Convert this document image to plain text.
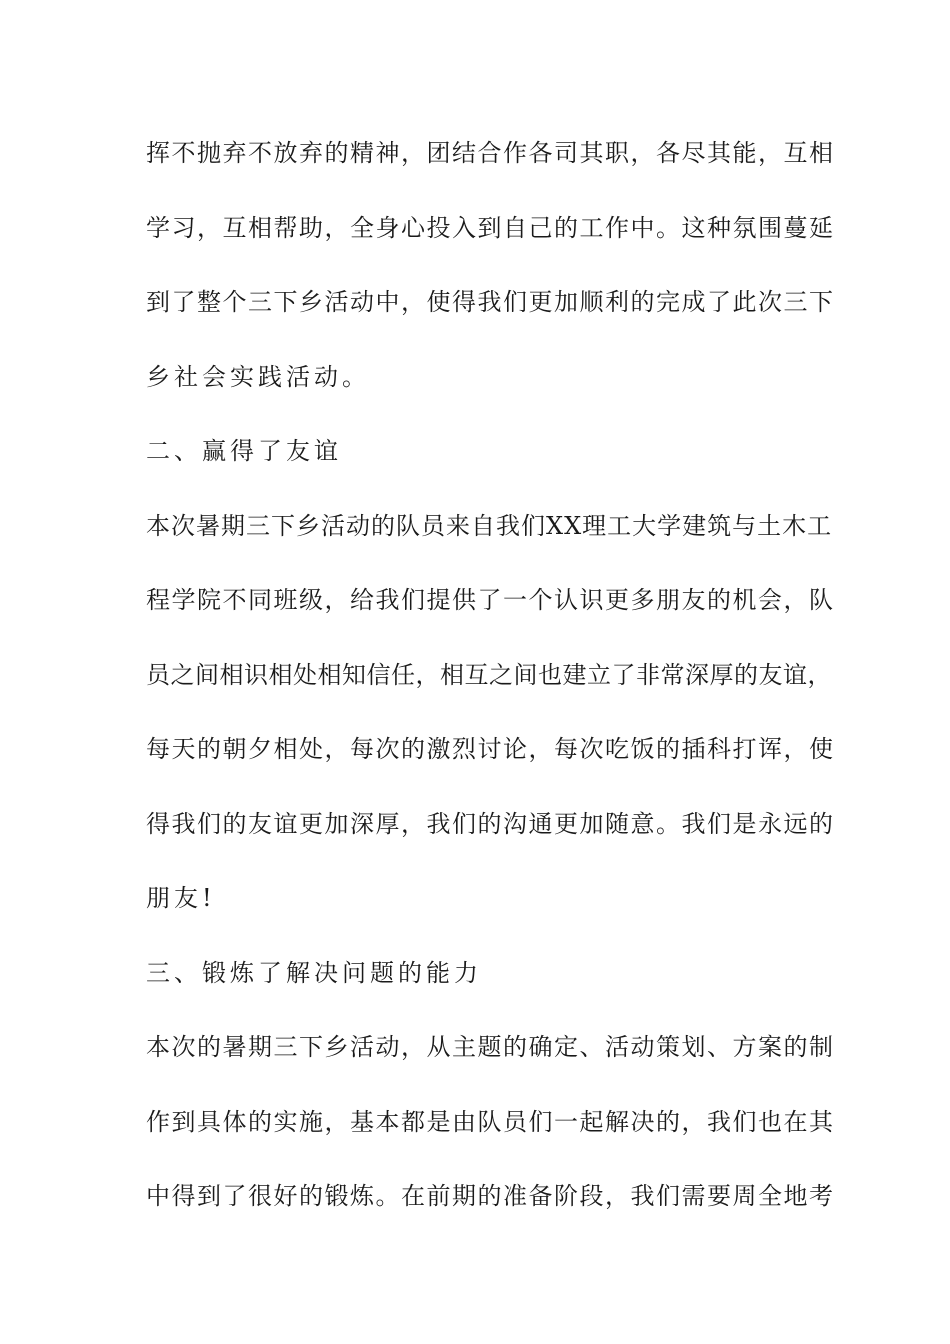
挥不抛弃不放弃的精神，团结合作各司其职，各尽其能，互相
学习，互相帮助，全身心投入到自己的工作中。这种氛围蔓延
到了整个三下乡活动中，使得我们更加顺利的完成了此次三下
乡社会实践活动。
二、赢得了友谊
本次暑期三下乡活动的队员来自我们XX理工大学建筑与土木工
程学院不同班级，给我们提供了一个认识更多朋友的机会，队
员之间相识相处相知信任，相互之间也建立了非常深厚的友谊，
每天的朝夕相处，每次的激烈讨论，每次吃饭的插科打诨，使
得我们的友谊更加深厚，我们的沟通更加随意。我们是永远的
朋友!
三、锻炼了解决问题的能力
本次的暑期三下乡活动，从主题的确定、活动策划、方案的制
作到具体的实施，基本都是由队员们一起解决的，我们也在其
中得到了很好的锻炼。在前期的准备阶段，我们需要周全地考
